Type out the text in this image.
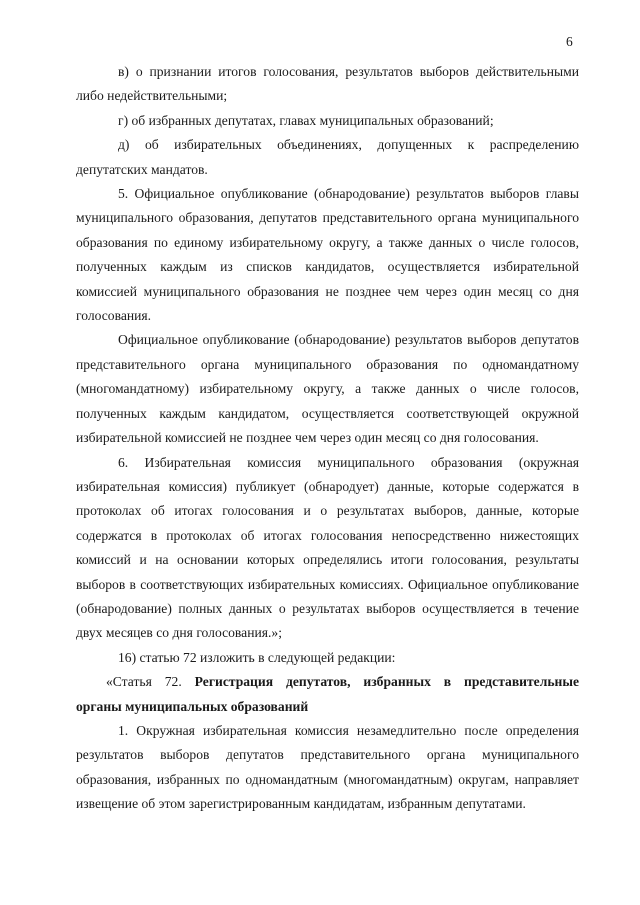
6

в) о признании итогов голосования, результатов выборов действительными либо недействительными;

г) об избранных депутатах, главах муниципальных образований;

д) об избирательных объединениях, допущенных к распределению депутатских мандатов.

5. Официальное опубликование (обнародование) результатов выборов главы муниципального образования, депутатов представительного органа муниципального образования по единому избирательному округу, а также данных о числе голосов, полученных каждым из списков кандидатов, осуществляется избирательной комиссией муниципального образования не позднее чем через один месяц со дня голосования.

Официальное опубликование (обнародование) результатов выборов депутатов представительного органа муниципального образования по одномандатному (многомандатному) избирательному округу, а также данных о числе голосов, полученных каждым кандидатом, осуществляется соответствующей окружной избирательной комиссией не позднее чем через один месяц со дня голосования.

6. Избирательная комиссия муниципального образования (окружная избирательная комиссия) публикует (обнародует) данные, которые содержатся в протоколах об итогах голосования и о результатах выборов, данные, которые содержатся в протоколах об итогах голосования непосредственно нижестоящих комиссий и на основании которых определялись итоги голосования, результаты выборов в соответствующих избирательных комиссиях. Официальное опубликование (обнародование) полных данных о результатах выборов осуществляется в течение двух месяцев со дня голосования.»;

16) статью 72 изложить в следующей редакции:

«Статья 72. Регистрация депутатов, избранных в представительные

органы муниципальных образований

1. Окружная избирательная комиссия незамедлительно после определения результатов выборов депутатов представительного органа муниципального образования, избранных по одномандатным (многомандатным) округам, направляет извещение об этом зарегистрированным кандидатам, избранным депутатами.
